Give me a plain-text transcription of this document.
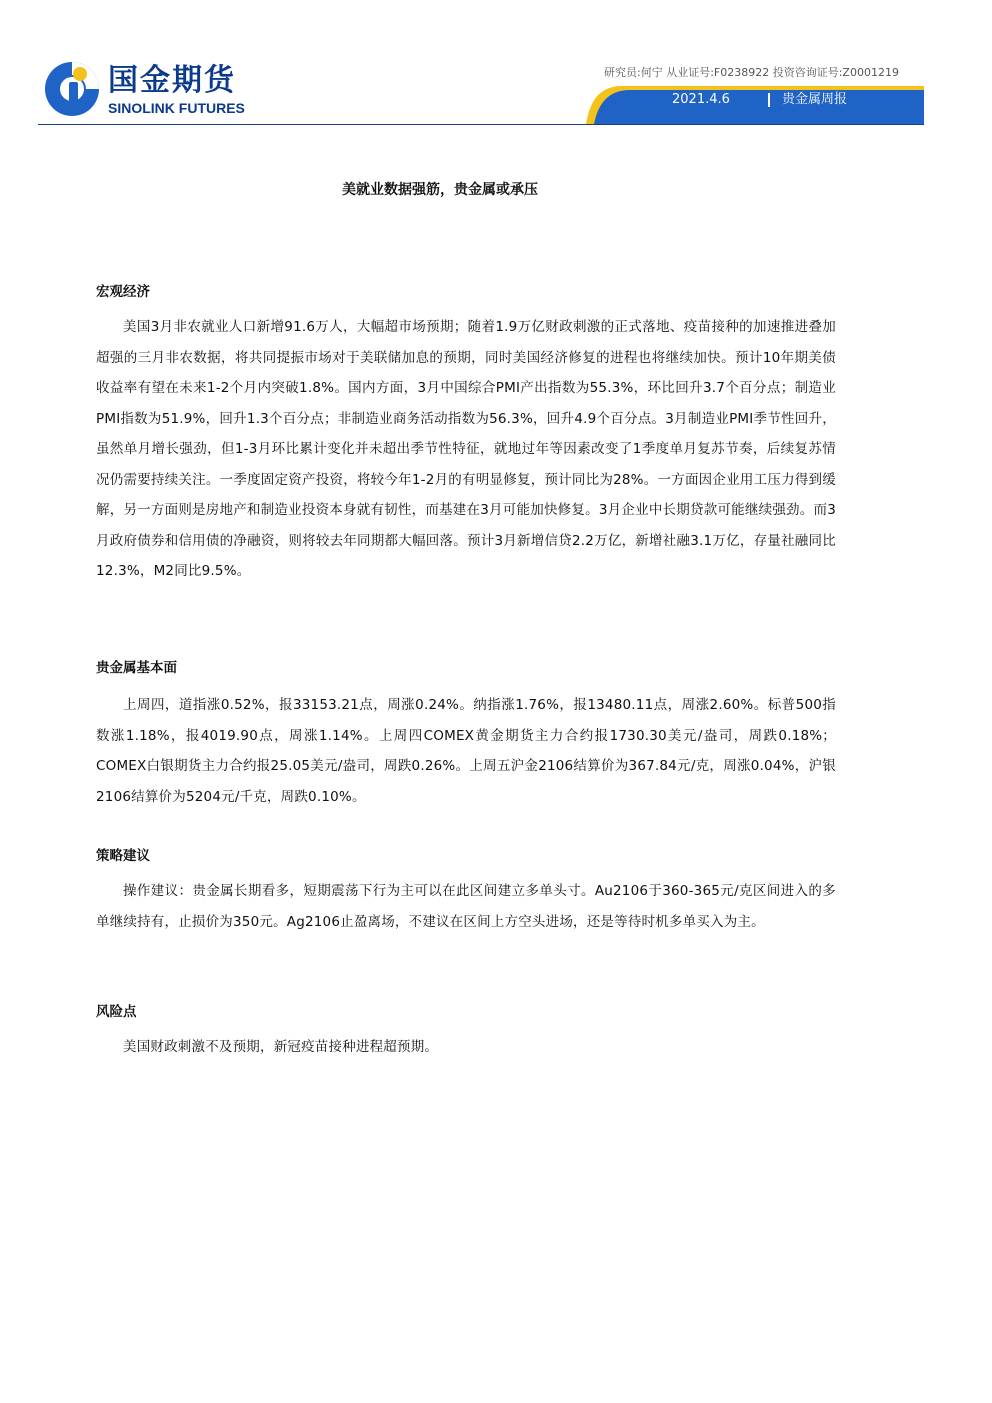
国金期货
SINOLINK FUTURES
研究员:何宁 从业证号:F0238922 投资咨询证号:Z0001219
2021.4.6	贵金属周报
美就业数据强筋，贵金属或承压
宏观经济

美国3月非农就业人口新增91.6万人，大幅超市场预期；随着1.9万亿财政刺激的正式落地、疫苗接种的加速推进叠加超强的三月非农数据，将共同提振市场对于美联储加息的预期，同时美国经济修复的进程也将继续加快。预计10年期美债收益率有望在未来1-2个月内突破1.8%。国内方面，3月中国综合PMI产出指数为55.3%，环比回升3.7个百分点；制造业PMI指数为51.9%，回升1.3个百分点；非制造业商务活动指数为56.3%，回升4.9个百分点。3月制造业PMI季节性回升，虽然单月增长强劲，但1-3月环比累计变化并未超出季节性特征，就地过年等因素改变了1季度单月复苏节奏，后续复苏情况仍需要持续关注。一季度固定资产投资，将较今年1-2月的有明显修复，预计同比为28%。一方面因企业用工压力得到缓解，另一方面则是房地产和制造业投资本身就有韧性，而基建在3月可能加快修复。3月企业中长期贷款可能继续强劲。而3月政府债券和信用债的净融资，则将较去年同期都大幅回落。预计3月新增信贷2.2万亿，新增社融3.1万亿，存量社融同比12.3%，M2同比9.5%。

贵金属基本面

上周四，道指涨0.52%，报33153.21点，周涨0.24%。纳指涨1.76%，报13480.11点，周涨2.60%。标普500指数涨1.18%，报4019.90点，周涨1.14%。上周四COMEX黄金期货主力合约报1730.30美元/盎司，周跌0.18%；COMEX白银期货主力合约报25.05美元/盎司，周跌0.26%。上周五沪金2106结算价为367.84元/克，周涨0.04%，沪银2106结算价为5204元/千克，周跌0.10%。

策略建议

操作建议：贵金属长期看多，短期震荡下行为主可以在此区间建立多单头寸。Au2106于360-365元/克区间进入的多单继续持有，止损价为350元。Ag2106止盈离场，不建议在区间上方空头进场，还是等待时机多单买入为主。

风险点

美国财政刺激不及预期，新冠疫苗接种进程超预期。
